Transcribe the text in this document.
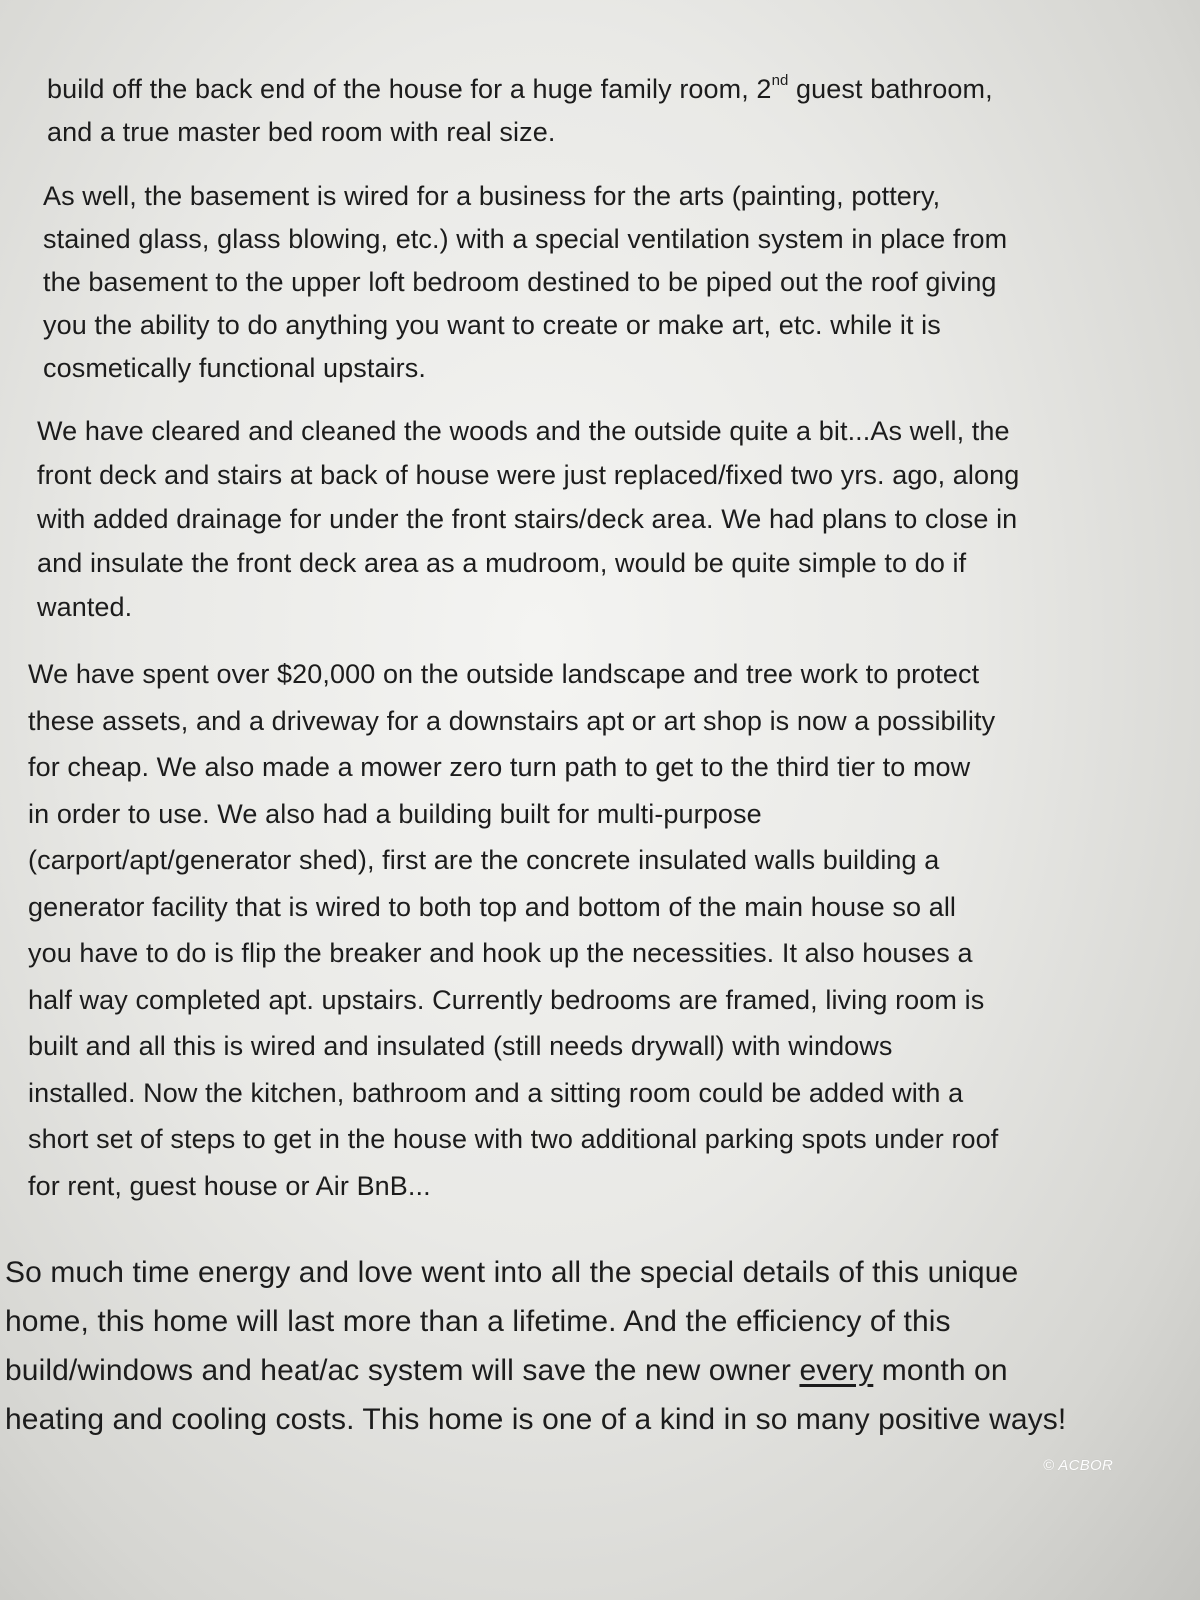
build off the back end of the house for a huge family room, 2nd guest bathroom,
and a true master bed room with real size.

As well, the basement is wired for a business for the arts (painting, pottery,
stained glass, glass blowing, etc.) with a special ventilation system in place from
the basement to the upper loft bedroom destined to be piped out the roof giving
you the ability to do anything you want to create or make art, etc. while it is
cosmetically functional upstairs.

We have cleared and cleaned the woods and the outside quite a bit...As well, the
front deck and stairs at back of house were just replaced/fixed two yrs. ago, along
with added drainage for under the front stairs/deck area. We had plans to close in
and insulate the front deck area as a mudroom, would be quite simple to do if
wanted.

We have spent over $20,000 on the outside landscape and tree work to protect
these assets, and a driveway for a downstairs apt or art shop is now a possibility
for cheap. We also made a mower zero turn path to get to the third tier to mow
in order to use. We also had a building built for multi-purpose
(carport/apt/generator shed), first are the concrete insulated walls building a
generator facility that is wired to both top and bottom of the main house so all
you have to do is flip the breaker and hook up the necessities. It also houses a
half way completed apt. upstairs. Currently bedrooms are framed, living room is
built and all this is wired and insulated (still needs drywall) with windows
installed. Now the kitchen, bathroom and a sitting room could be added with a
short set of steps to get in the house with two additional parking spots under roof
for rent, guest house or Air BnB...

So much time energy and love went into all the special details of this unique
home, this home will last more than a lifetime. And the efficiency of this
build/windows and heat/ac system will save the new owner every month on
heating and cooling costs. This home is one of a kind in so many positive ways!

© ACBOR
